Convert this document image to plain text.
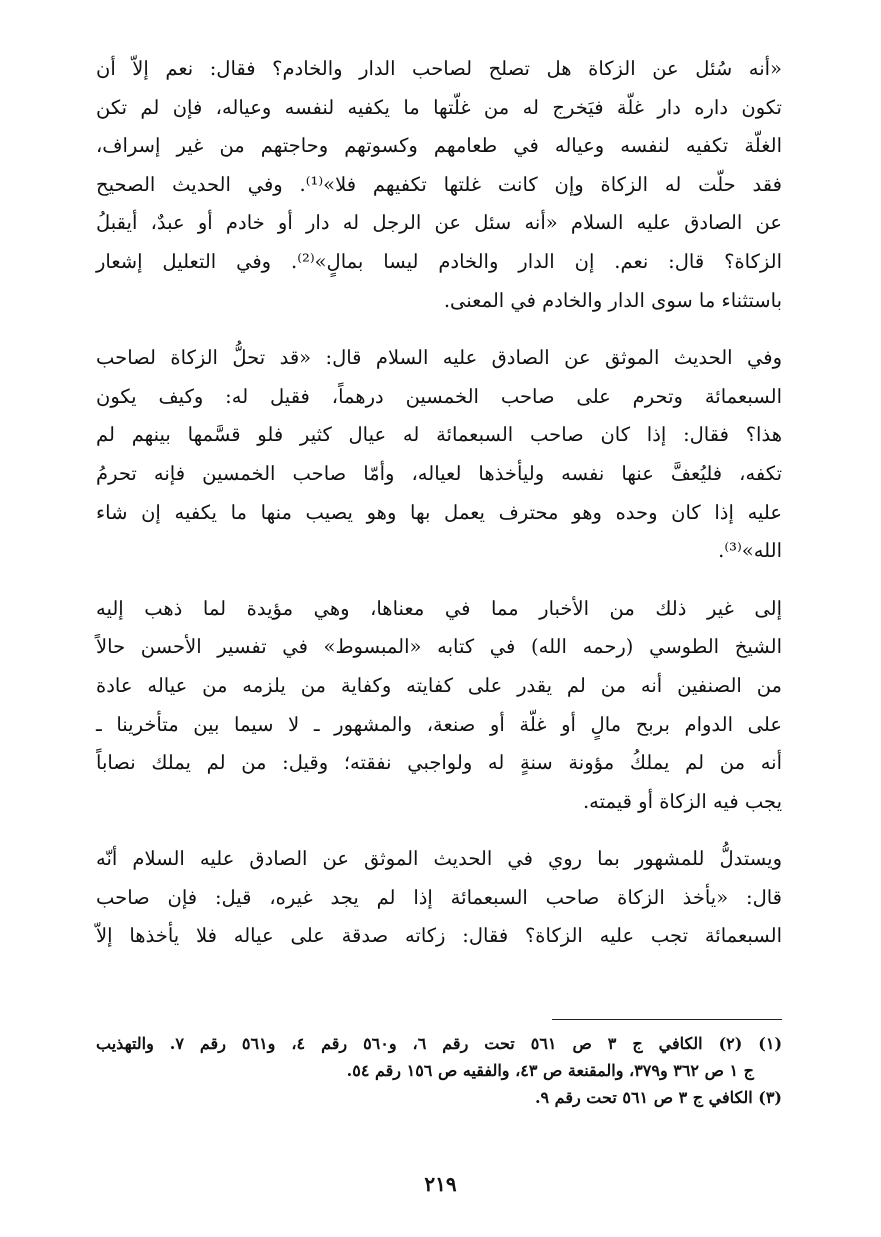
«أنه سُئل عن الزكاة هل تصلح لصاحب الدار والخادم؟ فقال: نعم إلاّ أن
تكون داره دار غلّة فيَخرج له من غلّتها ما يكفيه لنفسه وعياله، فإن لم تكن
الغلّة تكفيه لنفسه وعياله في طعامهم وكسوتهم وحاجتهم من غير إسراف،
فقد حلّت له الزكاة وإن كانت غلتها تكفيهم فلا»⁽¹⁾. وفي الحديث الصحيح
عن الصادق عليه السلام «أنه سئل عن الرجل له دار أو خادم أو عبدٌ، أيقبلُ
الزكاة؟ قال: نعم. إن الدار والخادم ليسا بمالٍ»⁽²⁾. وفي التعليل إشعار
باستثناء ما سوى الدار والخادم في المعنى.

وفي الحديث الموثق عن الصادق عليه السلام قال: «قد تحلُّ الزكاة لصاحب
السبعمائة وتحرم على صاحب الخمسين درهماً، فقيل له: وكيف يكون
هذا؟ فقال: إذا كان صاحب السبعمائة له عيال كثير فلو قسَّمها بينهم لم
تكفه، فليُعفَّ عنها نفسه وليأخذها لعياله، وأمّا صاحب الخمسين فإنه تحرمُ
عليه إذا كان وحده وهو محترف يعمل بها وهو يصيب منها ما يكفيه إن شاء
الله»⁽³⁾.

إلى غير ذلك من الأخبار مما في معناها، وهي مؤيدة لما ذهب إليه
الشيخ الطوسي (رحمه الله) في كتابه «المبسوط» في تفسير الأحسن حالاً
من الصنفين أنه من لم يقدر على كفايته وكفاية من يلزمه من عياله عادة
على الدوام بربح مالٍ أو غلّة أو صنعة، والمشهور ـ لا سيما بين متأخرينا ـ
أنه من لم يملكُ مؤونة سنةٍ له ولواجبي نفقته؛ وقيل: من لم يملك نصاباً
يجب فيه الزكاة أو قيمته.

ويستدلُّ للمشهور بما روي في الحديث الموثق عن الصادق عليه السلام أنّه
قال: «يأخذ الزكاة صاحب السبعمائة إذا لم يجد غيره، قيل: فإن صاحب
السبعمائة تجب عليه الزكاة؟ فقال: زكاته صدقة على عياله فلا يأخذها إلاّ

(١) (٢) الكافي ج ٣ ص ٥٦١ تحت رقم ٦، و٥٦٠ رقم ٤، و٥٦١ رقم ٧. والتهذيب
ج ١ ص ٣٦٢ و٣٧٩، والمقنعة ص ٤٣، والفقيه ص ١٥٦ رقم ٥٤.
(٣) الكافي ج ٣ ص ٥٦١ تحت رقم ٩.
٢١٩
